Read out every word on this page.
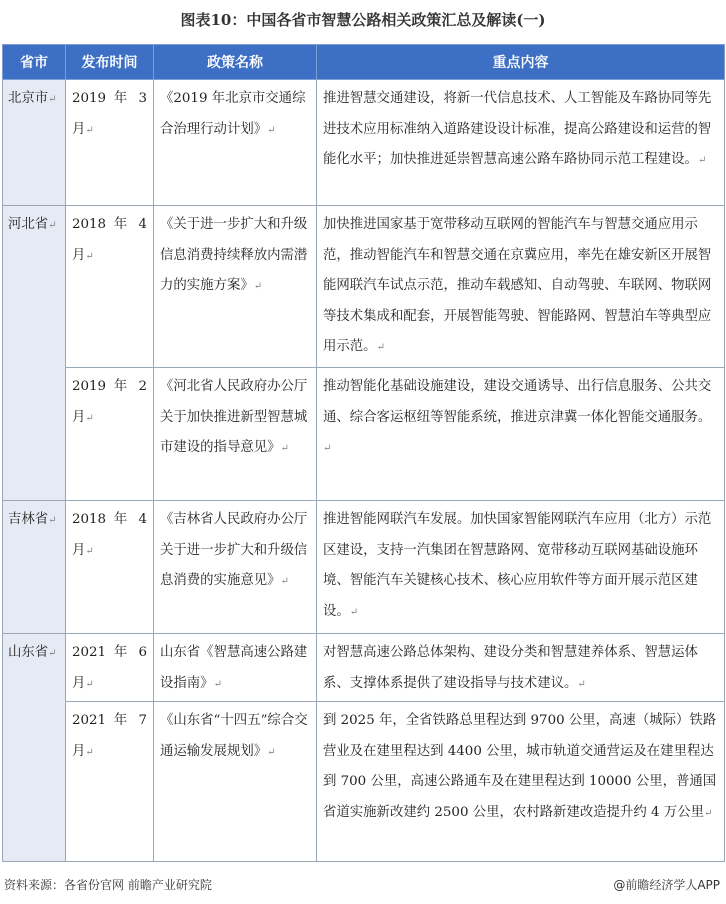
图表10：中国各省市智慧公路相关政策汇总及解读(一)
省市	发布时间	政策名称	重点内容
北京市↵	2019 年 3 月↵	《2019 年北京市交通综合治理行动计划》↵	推进智慧交通建设，将新一代信息技术、人工智能及车路协同等先进技术应用标准纳入道路建设设计标准，提高公路建设和运营的智能化水平；加快推进延崇智慧高速公路车路协同示范工程建设。↵
河北省↵	2018 年 4 月↵	《关于进一步扩大和升级信息消费持续释放内需潜力的实施方案》↵	加快推进国家基于宽带移动互联网的智能汽车与智慧交通应用示范，推动智能汽车和智慧交通在京冀应用，率先在雄安新区开展智能网联汽车试点示范，推动车载感知、自动驾驶、车联网、物联网等技术集成和配套，开展智能驾驶、智能路网、智慧泊车等典型应用示范。↵
	2019 年 2 月↵	《河北省人民政府办公厅关于加快推进新型智慧城市建设的指导意见》↵	推动智能化基础设施建设，建设交通诱导、出行信息服务、公共交通、综合客运枢纽等智能系统，推进京津冀一体化智能交通服务。↵
吉林省↵	2018 年 4 月↵	《吉林省人民政府办公厅关于进一步扩大和升级信息消费的实施意见》↵	推进智能网联汽车发展。加快国家智能网联汽车应用（北方）示范区建设，支持一汽集团在智慧路网、宽带移动互联网基础设施环境、智能汽车关键核心技术、核心应用软件等方面开展示范区建设。↵
山东省↵	2021 年 6 月↵	山东省《智慧高速公路建设指南》↵	对智慧高速公路总体架构、建设分类和智慧建养体系、智慧运体系、支撑体系提供了建设指导与技术建议。↵
	2021 年 7 月↵	《山东省“十四五”综合交通运输发展规划》↵	到 2025 年，全省铁路总里程达到 9700 公里，高速（城际）铁路营业及在建里程达到 4400 公里，城市轨道交通营运及在建里程达到 700 公里，高速公路通车及在建里程达到 10000 公里，普通国省道实施新改建约 2500 公里，农村路新建改造提升约 4 万公里↵
资料来源：各省份官网 前瞻产业研究院	@前瞻经济学人APP
